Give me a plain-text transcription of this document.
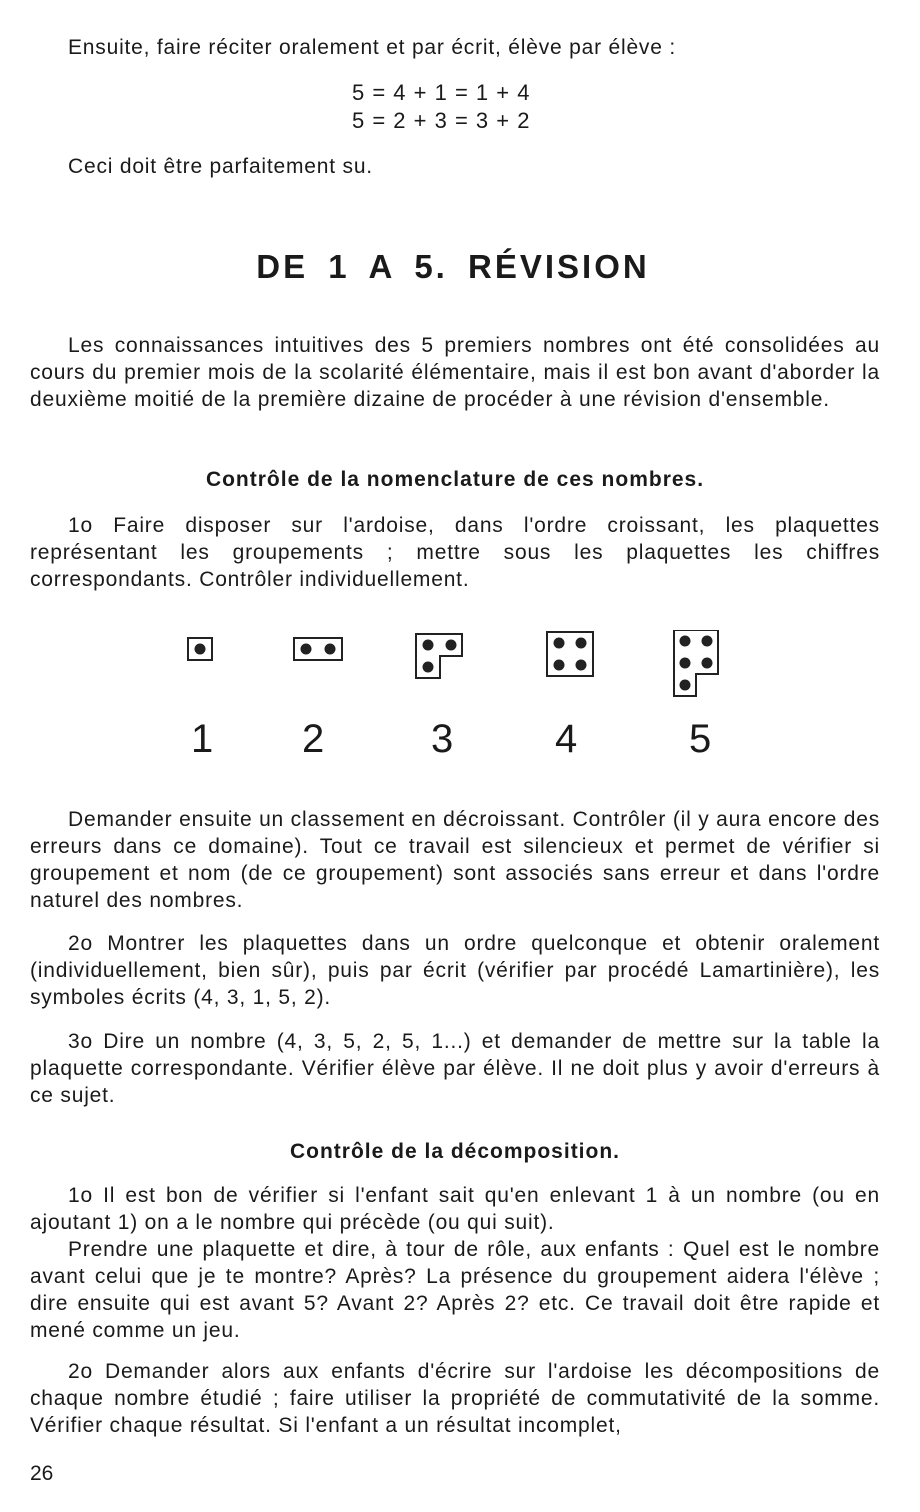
Ensuite, faire réciter oralement et par écrit, élève par élève :
5 = 4 + 1 = 1 + 4
5 = 2 + 3 = 3 + 2
Ceci doit être parfaitement su.
DE 1 A 5. RÉVISION

Les connaissances intuitives des 5 premiers nombres ont été consolidées au cours du premier mois de la scolarité élémentaire, mais il est bon avant d'aborder la deuxième moitié de la première dizaine de procéder à une révision d'ensemble.

Contrôle de la nomenclature de ces nombres.

1o Faire disposer sur l'ardoise, dans l'ordre croissant, les plaquettes représentant les groupements ; mettre sous les plaquettes les chiffres correspondants. Contrôler individuellement.

1 2	3	4	5

Demander ensuite un classement en décroissant. Contrôler (il y aura encore des erreurs dans ce domaine). Tout ce travail est silencieux et permet de vérifier si groupement et nom (de ce groupement) sont associés sans erreur et dans l'ordre naturel des nombres.

2o Montrer les plaquettes dans un ordre quelconque et obtenir oralement (individuellement, bien sûr), puis par écrit (vérifier par procédé Lamartinière), les symboles écrits (4, 3, 1, 5, 2).

3o Dire un nombre (4, 3, 5, 2, 5, 1...) et demander de mettre sur la table la plaquette correspondante. Vérifier élève par élève. Il ne doit plus y avoir d'erreurs à ce sujet.

Contrôle de la décomposition.

1o Il est bon de vérifier si l'enfant sait qu'en enlevant 1 à un nombre (ou en ajoutant 1) on a le nombre qui précède (ou qui suit).

Prendre une plaquette et dire, à tour de rôle, aux enfants : Quel est le nombre avant celui que je te montre? Après? La présence du groupement aidera l'élève ; dire ensuite qui est avant 5? Avant 2? Après 2? etc. Ce travail doit être rapide et mené comme un jeu.

2o Demander alors aux enfants d'écrire sur l'ardoise les décompositions de chaque nombre étudié ; faire utiliser la propriété de commutativité de la somme. Vérifier chaque résultat. Si l'enfant a un résultat incomplet,

26
